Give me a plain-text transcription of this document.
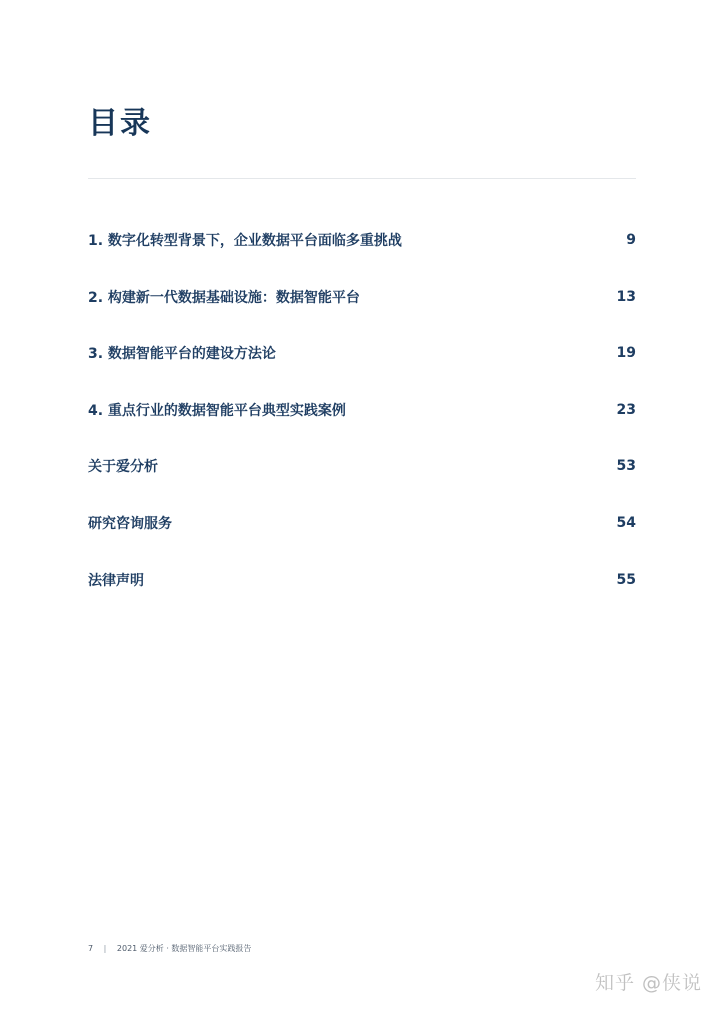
目录
1. 数字化转型背景下，企业数据平台面临多重挑战	9
2. 构建新一代数据基础设施：数据智能平台	13
3. 数据智能平台的建设方法论	19
4. 重点行业的数据智能平台典型实践案例	23
关于爱分析	53
研究咨询服务	54
法律声明	55
7 | 2021 爱分析 · 数据智能平台实践报告
知乎 @侠说
